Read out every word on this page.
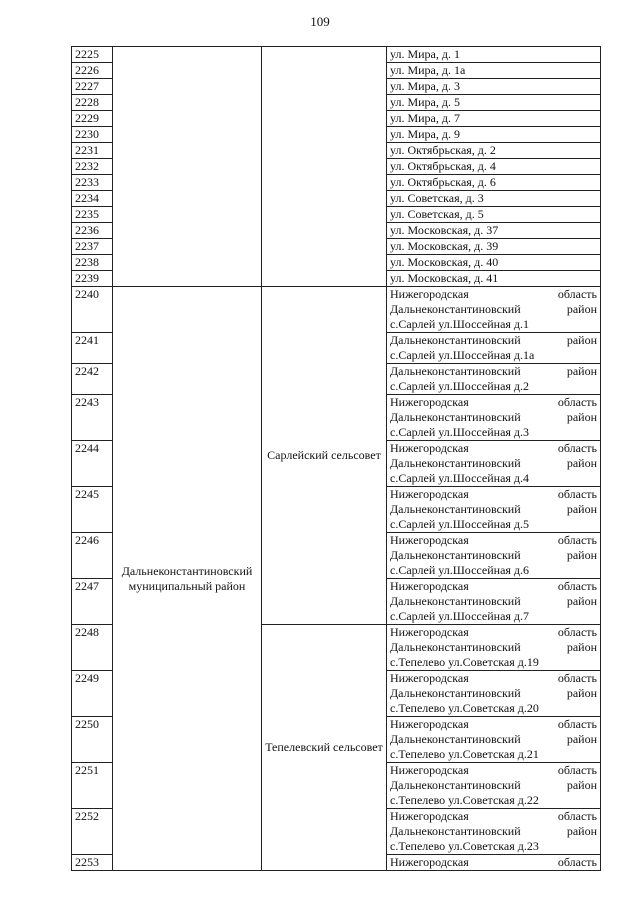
109
2225			ул. Мира, д. 1

2226			ул. Мира, д. 1а

2227			ул. Мира, д. 3

2228			ул. Мира, д. 5

2229			ул. Мира, д. 7

2230			ул. Мира, д. 9

2231			ул. Октябрьская, д. 2

2232			ул. Октябрьская, д. 4

2233			ул. Октябрьская, д. 6

2234			ул. Советская, д. 3

2235			ул. Советская, д. 5

2236			ул. Московская, д. 37

2237			ул. Московская, д. 39

2238			ул. Московская, д. 40

2239			ул. Московская, д. 41

2240	Дальнеконстантиновский муниципальный район	Сарлейский сельсовет	Нижегородская область
Дальнеконстантиновский район
с.Сарлей ул.Шоссейная д.1

2241			Дальнеконстантиновский район
с.Сарлей ул.Шоссейная д.1а

2242			Дальнеконстантиновский район
с.Сарлей ул.Шоссейная д.2

2243			Нижегородская область
Дальнеконстантиновский район
с.Сарлей ул.Шоссейная д.3

2244			Нижегородская область
Дальнеконстантиновский район
с.Сарлей ул.Шоссейная д.4

2245			Нижегородская область
Дальнеконстантиновский район
с.Сарлей ул.Шоссейная д.5

2246			Нижегородская область
Дальнеконстантиновский район
с.Сарлей ул.Шоссейная д.6

2247			Нижегородская область
Дальнеконстантиновский район
с.Сарлей ул.Шоссейная д.7

2248		Тепелевский сельсовет	Нижегородская область
Дальнеконстантиновский район
с.Тепелево ул.Советская д.19

2249			Нижегородская область
Дальнеконстантиновский район
с.Тепелево ул.Советская д.20

2250			Нижегородская область
Дальнеконстантиновский район
с.Тепелево ул.Советская д.21

2251			Нижегородская область
Дальнеконстантиновский район
с.Тепелево ул.Советская д.22

2252			Нижегородская область
Дальнеконстантиновский район
с.Тепелево ул.Советская д.23

2253			Нижегородская область
